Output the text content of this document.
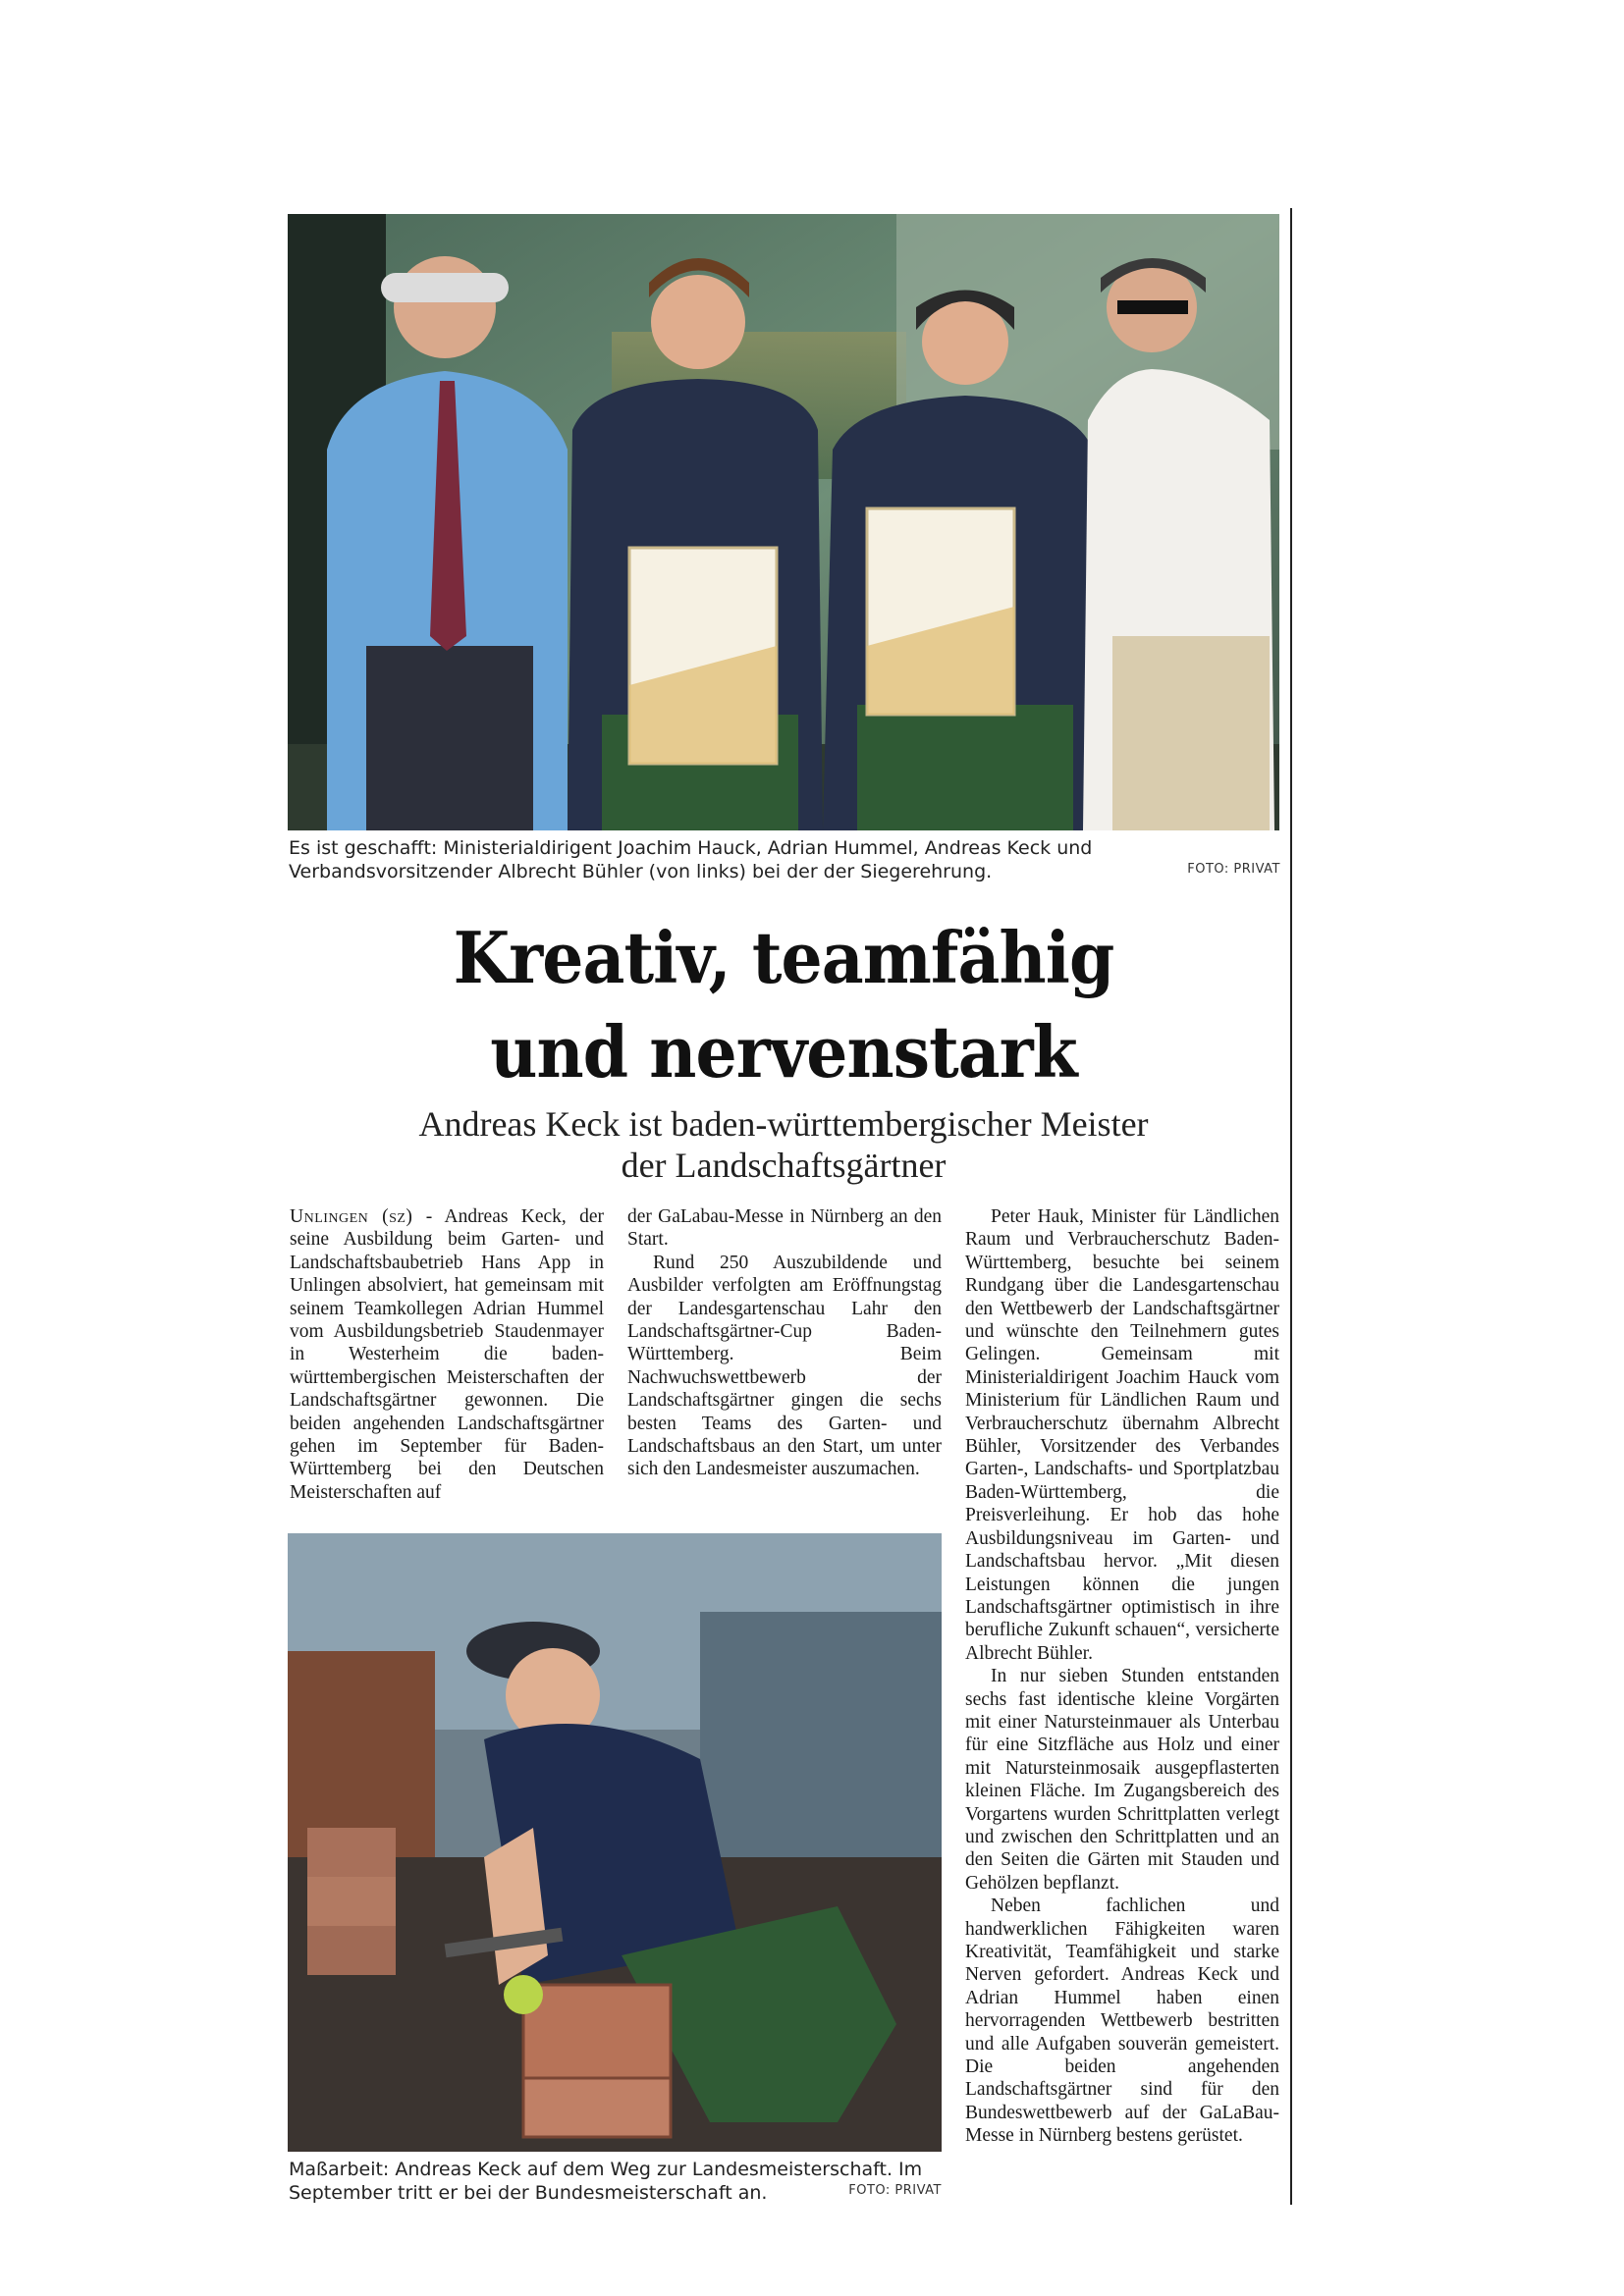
Es ist geschafft: Ministerialdirigent Joachim Hauck, Adrian Hummel, Andreas Keck und Verbandsvorsitzender Albrecht Bühler (von links) bei der der Siegerehrung.	FOTO: PRIVAT
Kreativ, teamfähig
und nervenstark
Andreas Keck ist baden-württembergischer Meister
der Landschaftsgärtner

Unlingen (sz) - Andreas Keck, der seine Ausbildung beim Garten- und Landschaftsbaubetrieb Hans App in Unlingen absolviert, hat gemeinsam mit seinem Teamkollegen Adrian Hummel vom Ausbildungsbetrieb Staudenmayer in Westerheim die baden-württembergischen Meisterschaften der Landschaftsgärtner gewonnen. Die beiden angehenden Landschaftsgärtner gehen im September für Baden-Württemberg bei den Deutschen Meisterschaften auf

der GaLabau-Messe in Nürnberg an den Start.

Rund 250 Auszubildende und Ausbilder verfolgten am Eröffnungstag der Landesgartenschau Lahr den Landschaftsgärtner-Cup Baden-Württemberg. Beim Nachwuchswettbewerb der Landschaftsgärtner gingen die sechs besten Teams des Garten- und Landschaftsbaus an den Start, um unter sich den Landesmeister auszumachen.

Peter Hauk, Minister für Ländlichen Raum und Verbraucherschutz Baden-Württemberg, besuchte bei seinem Rundgang über die Landesgartenschau den Wettbewerb der Landschaftsgärtner und wünschte den Teilnehmern gutes Gelingen. Gemeinsam mit Ministerialdirigent Joachim Hauck vom Ministerium für Ländlichen Raum und Verbraucherschutz übernahm Albrecht Bühler, Vorsitzender des Verbandes Garten-, Landschafts- und Sportplatzbau Baden-Württemberg, die Preisverleihung. Er hob das hohe Ausbildungsniveau im Garten- und Landschaftsbau hervor. „Mit diesen Leistungen können die jungen Landschaftsgärtner optimistisch in ihre berufliche Zukunft schauen“, versicherte Albrecht Bühler.

In nur sieben Stunden entstanden sechs fast identische kleine Vorgärten mit einer Natursteinmauer als Unterbau für eine Sitzfläche aus Holz und einer mit Natursteinmosaik ausgepflasterten kleinen Fläche. Im Zugangsbereich des Vorgartens wurden Schrittplatten verlegt und zwischen den Schrittplatten und an den Seiten die Gärten mit Stauden und Gehölzen bepflanzt.

Neben fachlichen und handwerklichen Fähigkeiten waren Kreativität, Teamfähigkeit und starke Nerven gefordert. Andreas Keck und Adrian Hummel haben einen hervorragenden Wettbewerb bestritten und alle Aufgaben souverän gemeistert. Die beiden angehenden Landschaftsgärtner sind für den Bundeswettbewerb auf der GaLaBau-Messe in Nürnberg bestens gerüstet.

Maßarbeit: Andreas Keck auf dem Weg zur Landesmeisterschaft. Im September tritt er bei der Bundesmeisterschaft an.	FOTO: PRIVAT
